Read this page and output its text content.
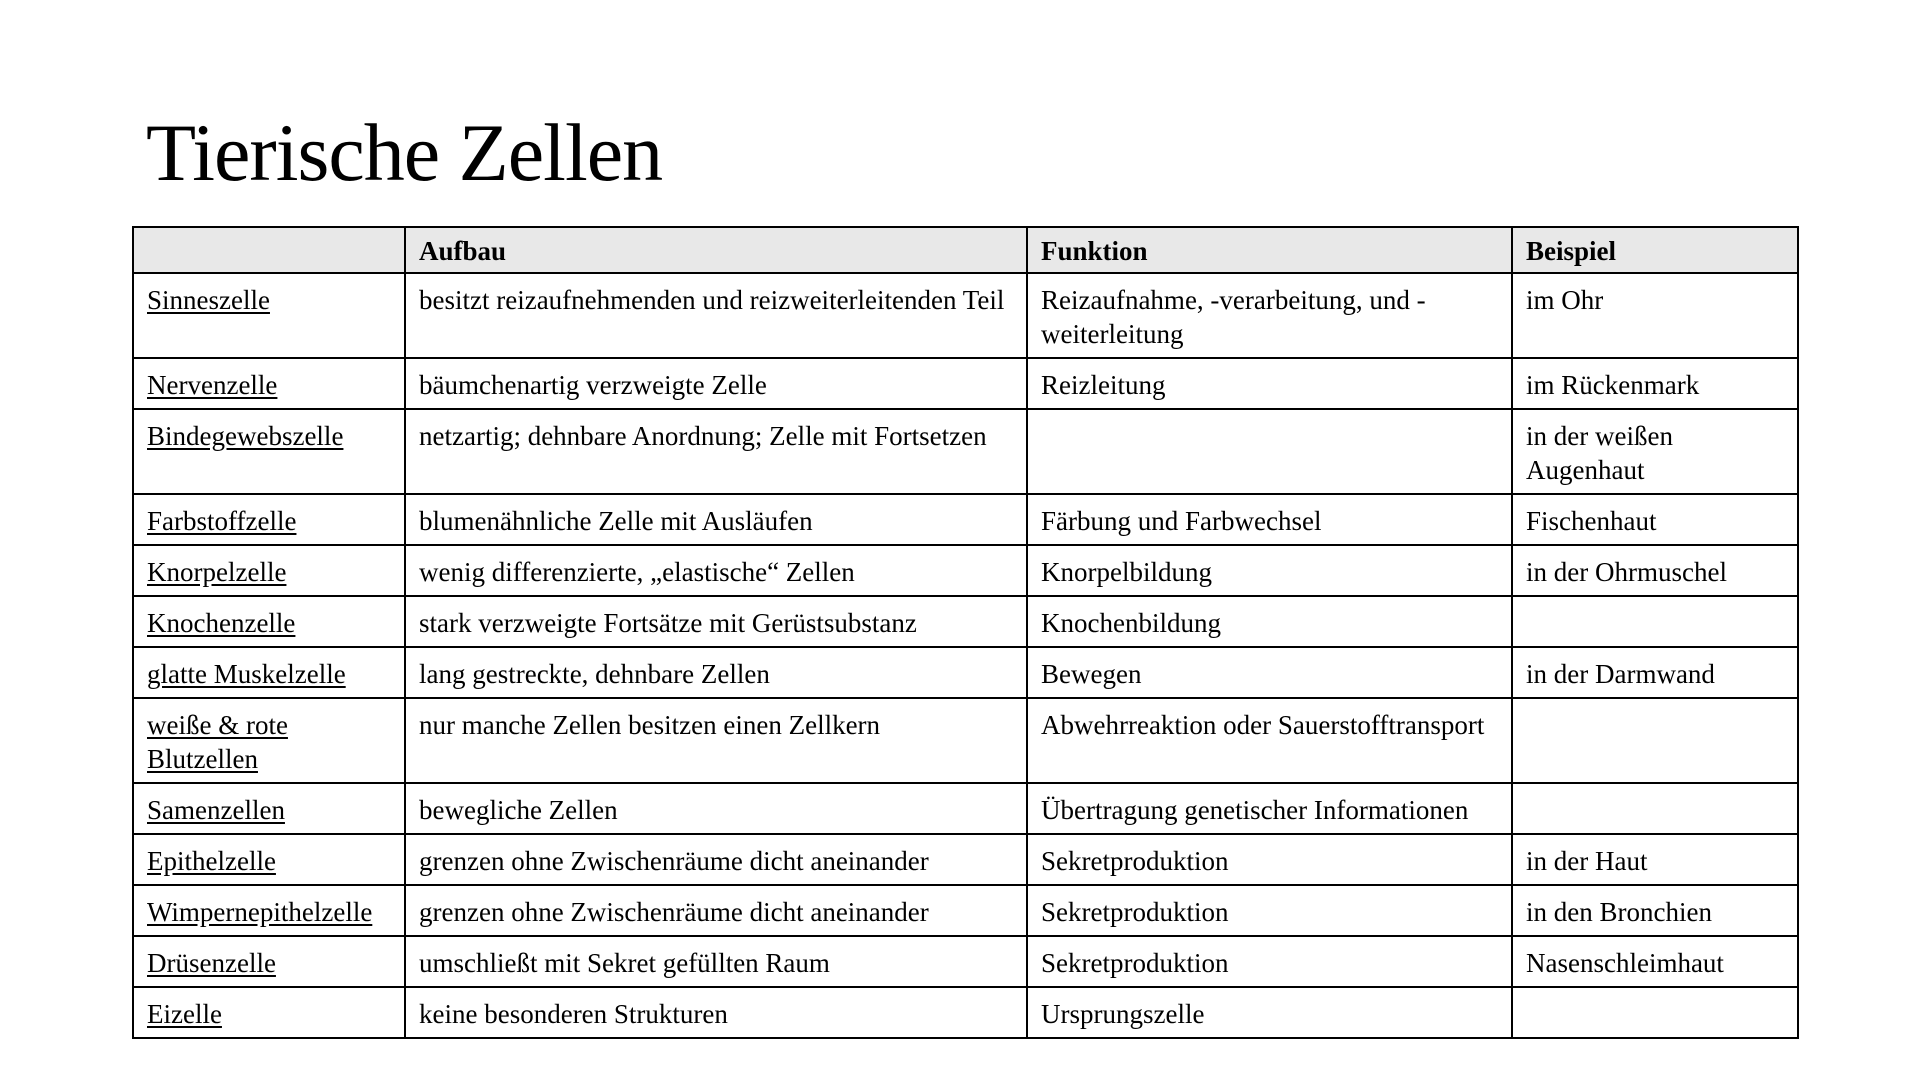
Tierische Zellen
	Aufbau	Funktion	Beispiel
Sinneszelle	besitzt reizaufnehmenden und reizweiterleitenden Teil	Reizaufnahme, -verarbeitung, und -weiterleitung	im Ohr
Nervenzelle	bäumchenartig verzweigte Zelle	Reizleitung	im Rückenmark
Bindegewebszelle	netzartig; dehnbare Anordnung; Zelle mit Fortsetzen		in der weißen Augenhaut
Farbstoffzelle	blumenähnliche Zelle mit Ausläufen	Färbung und Farbwechsel	Fischenhaut
Knorpelzelle	wenig differenzierte, „elastische“ Zellen	Knorpelbildung	in der Ohrmuschel
Knochenzelle	stark verzweigte Fortsätze mit Gerüstsubstanz	Knochenbildung	
glatte Muskelzelle	lang gestreckte, dehnbare Zellen	Bewegen	in der Darmwand
weiße & rote Blutzellen	nur manche Zellen besitzen einen Zellkern	Abwehrreaktion oder Sauerstofftransport	
Samenzellen	bewegliche Zellen	Übertragung genetischer Informationen	
Epithelzelle	grenzen ohne Zwischenräume dicht aneinander	Sekretproduktion	in der Haut
Wimpernepithelzelle	grenzen ohne Zwischenräume dicht aneinander	Sekretproduktion	in den Bronchien
Drüsenzelle	umschließt mit Sekret gefüllten Raum	Sekretproduktion	Nasenschleimhaut
Eizelle	keine besonderen Strukturen	Ursprungszelle	
